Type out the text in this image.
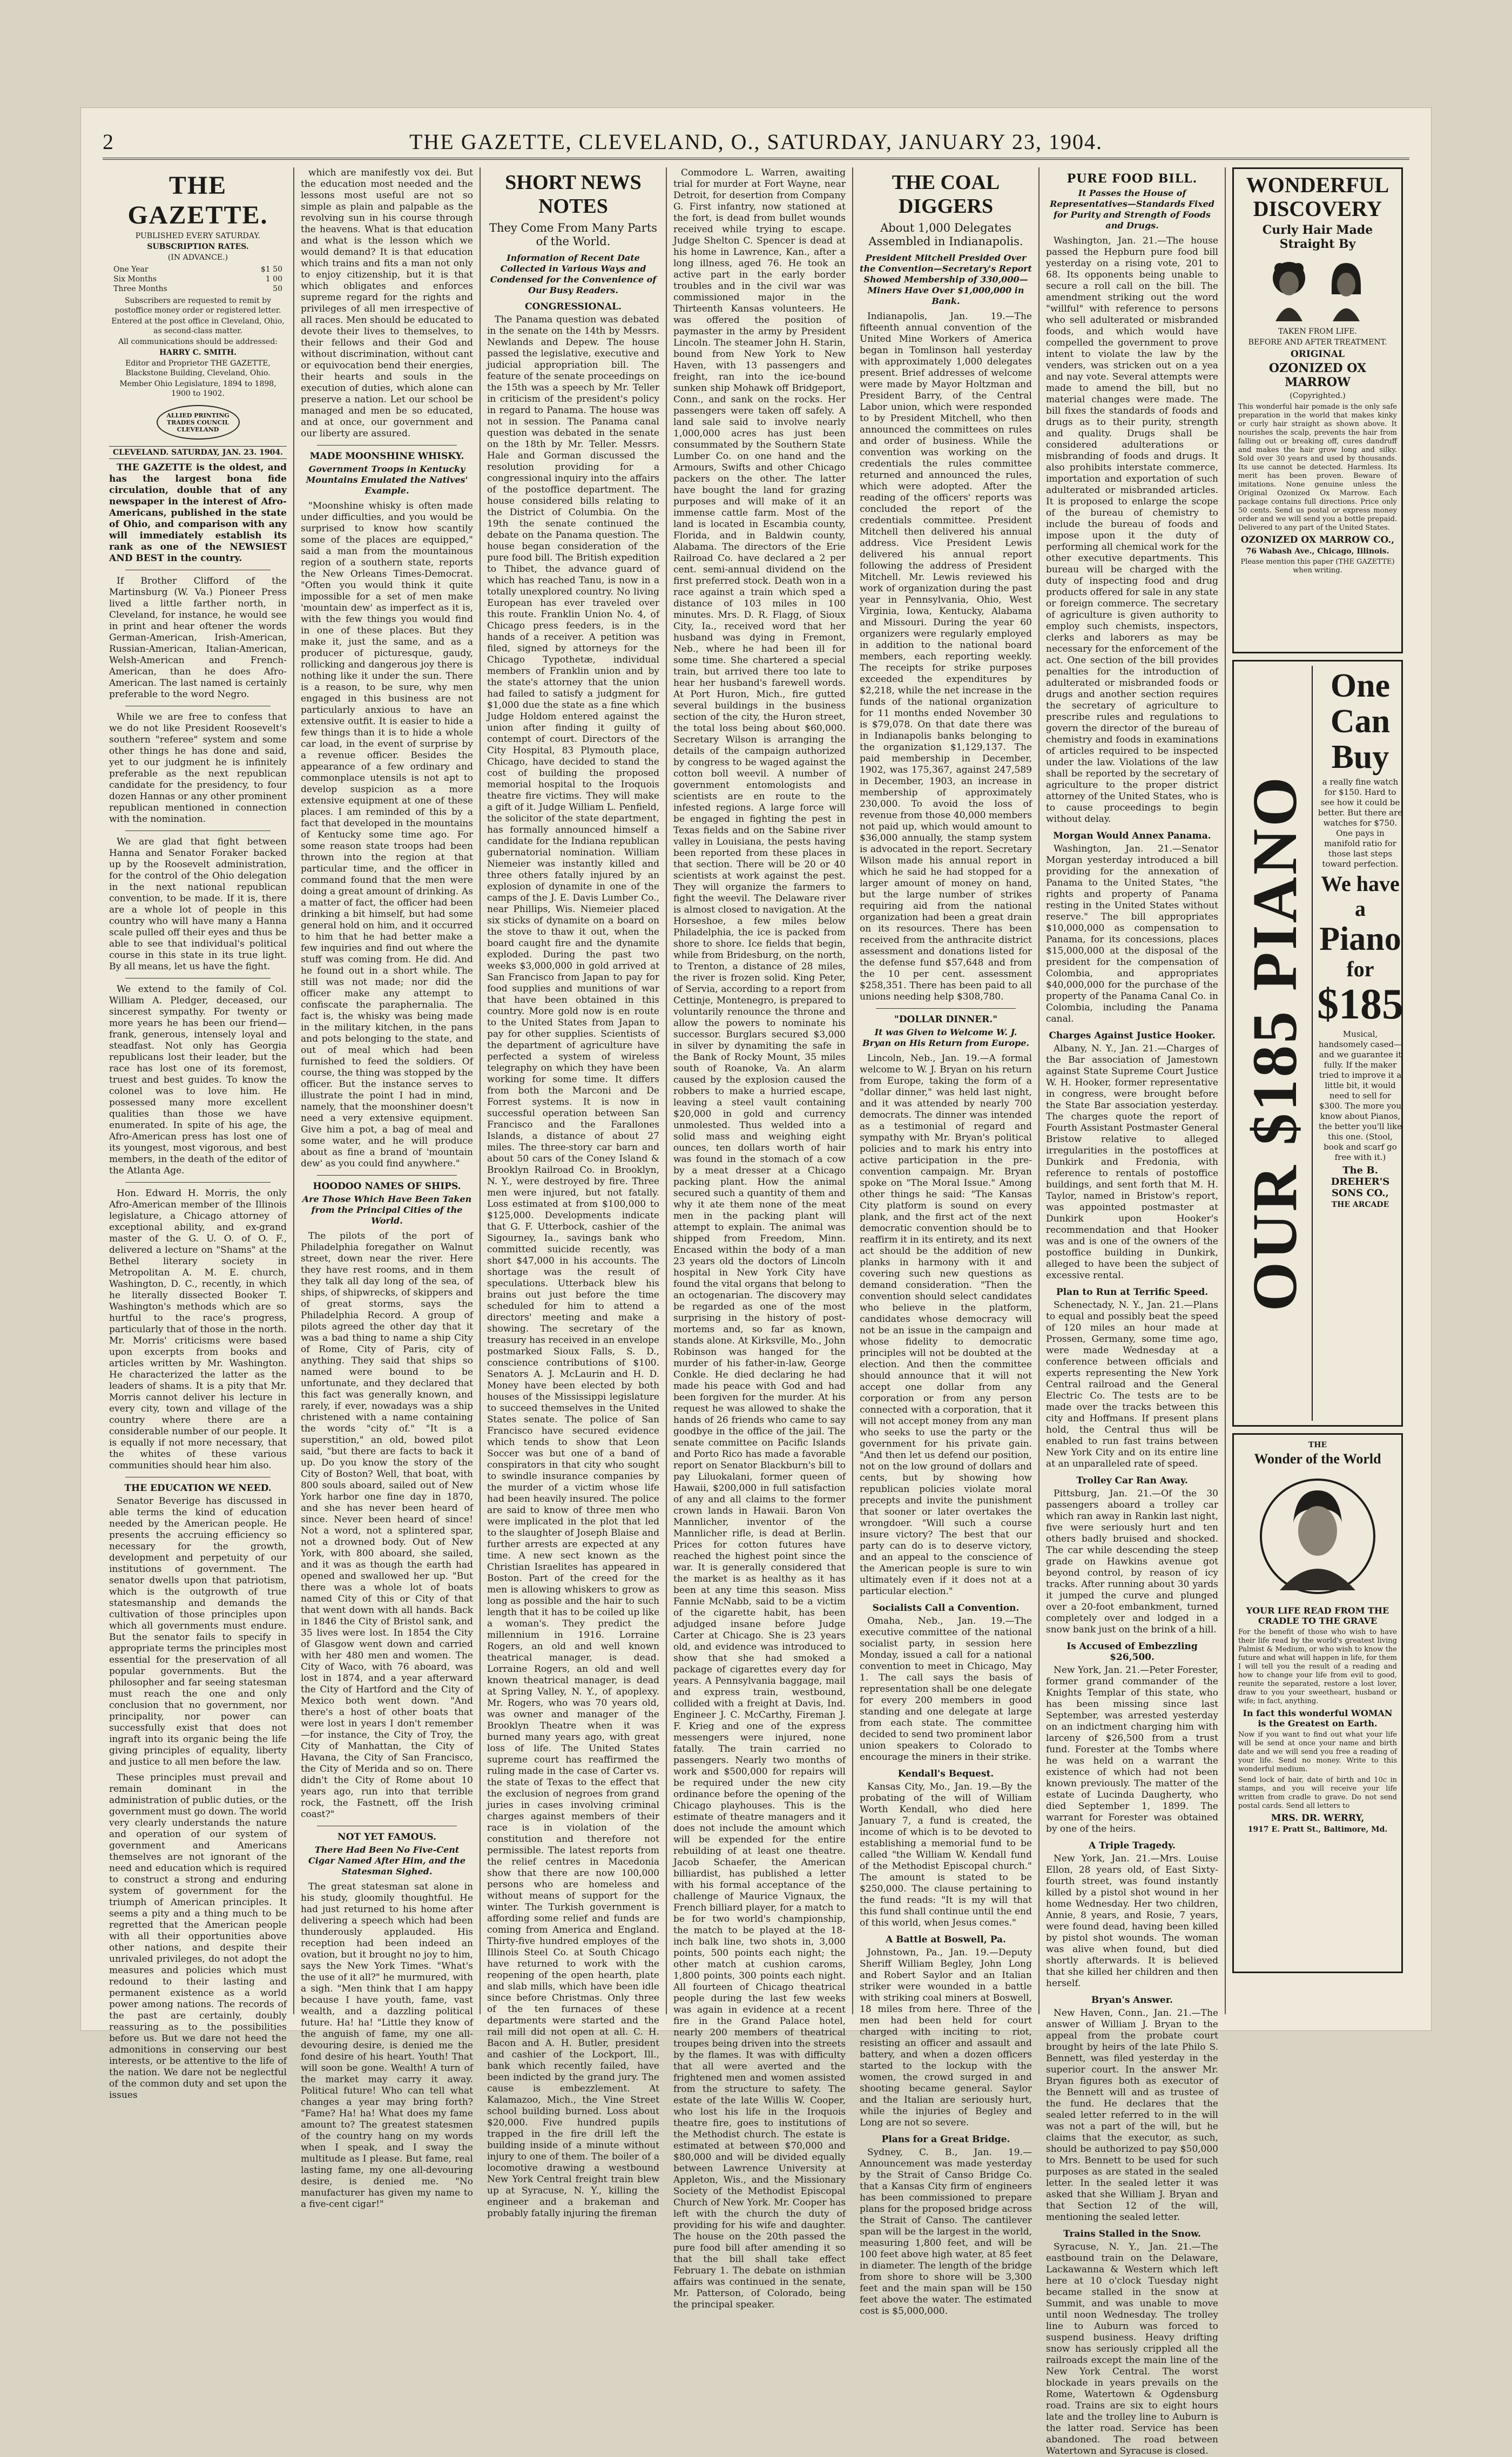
2	THE GAZETTE, CLEVELAND, O., SATURDAY, JANUARY 23, 1904.
THE GAZETTE.
PUBLISHED EVERY SATURDAY.
SUBSCRIPTION RATES.
(IN ADVANCE.)
One Year	$1 50
Six Months	1 00
Three Months	50

Subscribers are requested to remit by postoffice money order or registered letter.

Entered at the post office in Cleveland, Ohio, as second-class matter.

All communications should be addressed:

HARRY C. SMITH.

Editor and Proprietor THE GAZETTE, Blackstone Building, Cleveland, Ohio.

Member Ohio Legislature, 1894 to 1898, 1900 to 1902.

ALLIED PRINTING TRADES COUNCIL CLEVELAND
CLEVELAND. SATURDAY, JAN. 23. 1904.

THE GAZETTE is the oldest, and has the largest bona fide circulation, double that of any newspaper in the interest of Afro-Americans, published in the state of Ohio, and comparison with any will immediately establish its rank as one of the NEWSIEST AND BEST in the country.

If Brother Clifford of the Martinsburg (W. Va.) Pioneer Press lived a little farther north, in Cleveland, for instance, he would see in print and hear oftener the words German-American, Irish-American, Russian-American, Italian-American, Welsh-American and French-American, than he does Afro-American. The last named is certainly preferable to the word Negro.

While we are free to confess that we do not like President Roosevelt's southern "referee" system and some other things he has done and said, yet to our judgment he is infinitely preferable as the next republican candidate for the presidency, to four dozen Hannas or any other prominent republican mentioned in connection with the nomination.

We are glad that fight between Hanna and Senator Foraker backed up by the Roosevelt administration, for the control of the Ohio delegation in the next national republican convention, to be made. If it is, there are a whole lot of people in this country who will have many a Hanna scale pulled off their eyes and thus be able to see that individual's political course in this state in its true light. By all means, let us have the fight.

We extend to the family of Col. William A. Pledger, deceased, our sincerest sympathy. For twenty or more years he has been our friend—frank, generous, intensely loyal and steadfast. Not only has Georgia republicans lost their leader, but the race has lost one of its foremost, truest and best guides. To know the colonel was to love him. He possessed many more excellent qualities than those we have enumerated. In spite of his age, the Afro-American press has lost one of its youngest, most vigorous, and best members, in the death of the editor of the Atlanta Age.

Hon. Edward H. Morris, the only Afro-American member of the Illinois legislature, a Chicago attorney of exceptional ability, and ex-grand master of the G. U. O. of O. F., delivered a lecture on "Shams" at the Bethel literary society in Metropolitan A. M. E. church, Washington, D. C., recently, in which he literally dissected Booker T. Washington's methods which are so hurtful to the race's progress, particularly that of those in the north. Mr. Morris' criticisms were based upon excerpts from books and articles written by Mr. Washington. He characterized the latter as the leaders of shams. It is a pity that Mr. Morris cannot deliver his lecture in every city, town and village of the country where there are a considerable number of our people. It is equally if not more necessary, that the whites of these various communities should hear him also.

THE EDUCATION WE NEED.

Senator Beverige has discussed in able terms the kind of education needed by the American people. He presents the accruing efficiency so necessary for the growth, development and perpetuity of our institutions of government. The senator dwells upon that patriotism, which is the outgrowth of true statesmanship and demands the cultivation of those principles upon which all governments must endure. But the senator fails to specify in appropriate terms the principles most essential for the preservation of all popular governments. But the philosopher and far seeing statesman must reach the one and only conclusion that no government, nor principality, nor power can successfully exist that does not ingraft into its organic being the life giving principles of equality, liberty and justice to all men before the law.

These principles must prevail and remain dominant in the administration of public duties, or the government must go down. The world very clearly understands the nature and operation of our system of government and Americans themselves are not ignorant of the need and education which is required to construct a strong and enduring system of government for the triumph of American principles. It seems a pity and a thing much to be regretted that the American people with all their opportunities above other nations, and despite their unrivaled privileges, do not adopt the measures and policies which must redound to their lasting and permanent existence as a world power among nations. The records of the past are certainly, doubly reassuring as to the possibilities before us. But we dare not heed the admonitions in conserving our best interests, or be attentive to the life of the nation. We dare not be neglectful of the common duty and set upon the issues

which are manifestly vox dei. But the education most needed and the lessons most useful are not so simple as plain and palpable as the revolving sun in his course through the heavens. What is that education and what is the lesson which we would demand? It is that education which trains and fits a man not only to enjoy citizenship, but it is that which obligates and enforces supreme regard for the rights and privileges of all men irrespective of all races. Men should be educated to devote their lives to themselves, to their fellows and their God and without discrimination, without cant or equivocation bend their energies, their hearts and souls in the execution of duties, which alone can preserve a nation. Let our school be managed and men be so educated, and at once, our government and our liberty are assured.

MADE MOONSHINE WHISKY.
Government Troops in Kentucky Mountains Emulated the Natives' Example.

"Moonshine whisky is often made under difficulties, and you would be surprised to know how scantily some of the places are equipped," said a man from the mountainous region of a southern state, reports the New Orleans Times-Democrat. "Often you would think it quite impossible for a set of men make 'mountain dew' as imperfect as it is, with the few things you would find in one of these places. But they make it, just the same, and as a producer of picturesque, gaudy, rollicking and dangerous joy there is nothing like it under the sun. There is a reason, to be sure, why men engaged in this business are not particularly anxious to have an extensive outfit. It is easier to hide a few things than it is to hide a whole car load, in the event of surprise by a revenue officer. Besides the appearance of a few ordinary and commonplace utensils is not apt to develop suspicion as a more extensive equipment at one of these places. I am reminded of this by a fact that developed in the mountains of Kentucky some time ago. For some reason state troops had been thrown into the region at that particular time, and the officer in command found that the men were doing a great amount of drinking. As a matter of fact, the officer had been drinking a bit himself, but had some general hold on him, and it occurred to him that he had better make a few inquiries and find out where the stuff was coming from. He did. And he found out in a short while. The still was not made; nor did the officer make any attempt to confiscate the paraphernalia. The fact is, the whisky was being made in the military kitchen, in the pans and pots belonging to the state, and out of meal which had been furnished to feed the soldiers. Of course, the thing was stopped by the officer. But the instance serves to illustrate the point I had in mind, namely, that the moonshiner doesn't need a very extensive equipment. Give him a pot, a bag of meal and some water, and he will produce about as fine a brand of 'mountain dew' as you could find anywhere."

HOODOO NAMES OF SHIPS.
Are Those Which Have Been Taken from the Principal Cities of the World.

The pilots of the port of Philadelphia foregather on Walnut street, down near the river. Here they have rest rooms, and in them they talk all day long of the sea, of ships, of shipwrecks, of skippers and of great storms, says the Philadelphia Record. A group of pilots agreed the other day that it was a bad thing to name a ship City of Rome, City of Paris, city of anything. They said that ships so named were bound to be unfortunate, and they declared that this fact was generally known, and rarely, if ever, nowadays was a ship christened with a name containing the words "city of." "It is a superstition," an old, bowed pilot said, "but there are facts to back it up. Do you know the story of the City of Boston? Well, that boat, with 800 souls aboard, sailed out of New York harbor one fine day in 1870, and she has never been heard of since. Never been heard of since! Not a word, not a splintered spar, not a drowned body. Out of New York, with 800 aboard, she sailed, and it was as though the earth had opened and swallowed her up. "But there was a whole lot of boats named City of this or City of that that went down with all hands. Back in 1846 the City of Bristol sank, and 35 lives were lost. In 1854 the City of Glasgow went down and carried with her 480 men and women. The City of Waco, with 76 aboard, was lost in 1874, and a year afterward the City of Hartford and the City of Mexico both went down. "And there's a host of other boats that were lost in years I don't remember—for instance, the City of Troy, the City of Manhattan, the City of Havana, the City of San Francisco, the City of Merida and so on. There didn't the City of Rome about 10 years ago, run into that terrible rock, the Fastnett, off the Irish coast?"

NOT YET FAMOUS.
There Had Been No Five-Cent Cigar Named After Him, and the Statesman Sighed.

The great statesman sat alone in his study, gloomily thoughtful. He had just returned to his home after delivering a speech which had been thunderously applauded. His reception had been indeed an ovation, but it brought no joy to him, says the New York Times. "What's the use of it all?" he murmured, with a sigh. "Men think that I am happy because I have youth, fame, vast wealth, and a dazzling political future. Ha! ha! "Little they know of the anguish of fame, my one all-devouring desire, is denied me the fond desire of his heart. Youth! That will soon be gone. Wealth! A turn of the market may carry it away. Political future! Who can tell what changes a year may bring forth? "Fame? Ha! ha! What does my fame amount to? The greatest statesmen of the country hang on my words when I speak, and I sway the multitude as I please. But fame, real lasting fame, my one all-devouring desire, is denied me. "No manufacturer has given my name to a five-cent cigar!"

SHORT NEWS NOTES
They Come From Many Parts of the World.
Information of Recent Date Collected in Various Ways and Condensed for the Convenience of Our Busy Readers.
CONGRESSIONAL.

The Panama question was debated in the senate on the 14th by Messrs. Newlands and Depew. The house passed the legislative, executive and judicial appropriation bill. The feature of the senate proceedings on the 15th was a speech by Mr. Teller in criticism of the president's policy in regard to Panama. The house was not in session. The Panama canal question was debated in the senate on the 18th by Mr. Teller. Messrs. Hale and Gorman discussed the resolution providing for a congressional inquiry into the affairs of the postoffice department. The house considered bills relating to the District of Columbia. On the 19th the senate continued the debate on the Panama question. The house began consideration of the pure food bill. The British expedition to Thibet, the advance guard of which has reached Tanu, is now in a totally unexplored country. No living European has ever traveled over this route. Franklin Union No. 4, of Chicago press feeders, is in the hands of a receiver. A petition was filed, signed by attorneys for the Chicago Typothetæ, individual members of Franklin union and by the state's attorney that the union had failed to satisfy a judgment for $1,000 due the state as a fine which Judge Holdom entered against the union after finding it guilty of contempt of court. Directors of the City Hospital, 83 Plymouth place, Chicago, have decided to stand the cost of building the proposed memorial hospital to the Iroquois theatre fire victims. They will make a gift of it. Judge William L. Penfield, the solicitor of the state department, has formally announced himself a candidate for the Indiana republican gubernatorial nomination. William Niemeier was instantly killed and three others fatally injured by an explosion of dynamite in one of the camps of the J. E. Davis Lumber Co., near Phillips, Wis. Niemeier placed six sticks of dynamite on a board on the stove to thaw it out, when the board caught fire and the dynamite exploded. During the past two weeks $3,000,000 in gold arrived at San Francisco from Japan to pay for food supplies and munitions of war that have been obtained in this country. More gold now is en route to the United States from Japan to pay for other supplies. Scientists of the department of agriculture have perfected a system of wireless telegraphy on which they have been working for some time. It differs from both the Marconi and De Forrest systems. It is now in successful operation between San Francisco and the Farallones Islands, a distance of about 27 miles. The three-story car barn and about 50 cars of the Coney Island & Brooklyn Railroad Co. in Brooklyn, N. Y., were destroyed by fire. Three men were injured, but not fatally. Loss estimated at from $100,000 to $125,000. Developments indicate that G. F. Utterbock, cashier of the Sigourney, Ia., savings bank who committed suicide recently, was short $47,000 in his accounts. The shortage was the result of speculations. Utterback blew his brains out just before the time scheduled for him to attend a directors' meeting and make a showing. The secretary of the treasury has received in an envelope postmarked Sioux Falls, S. D., conscience contributions of $100. Senators A. J. McLaurin and H. D. Money have been elected by both houses of the Mississippi legislature to succeed themselves in the United States senate. The police of San Francisco have secured evidence which tends to show that Leon Soccer was but one of a band of conspirators in that city who sought to swindle insurance companies by the murder of a victim whose life had been heavily insured. The police are said to know of three men who were implicated in the plot that led to the slaughter of Joseph Blaise and further arrests are expected at any time. A new sect known as the Christian Israelites has appeared in Boston. Part of the creed for the men is allowing whiskers to grow as long as possible and the hair to such length that it has to be coiled up like a woman's. They predict the millennium in 1916. Lorraine Rogers, an old and well known theatrical manager, is dead. Lorraine Rogers, an old and well known theatrical manager, is dead at Spring Valley, N. Y., of apoplexy. Mr. Rogers, who was 70 years old, was owner and manager of the Brooklyn Theatre when it was burned many years ago, with great loss of life. The United States supreme court has reaffirmed the ruling made in the case of Carter vs. the state of Texas to the effect that the exclusion of negroes from grand juries in cases involving criminal charges against members of their race is in violation of the constitution and therefore not permissible. The latest reports from the relief centres in Macedonia show that there are now 100,000 persons who are homeless and without means of support for the winter. The Turkish government is affording some relief and funds are coming from America and England. Thirty-five hundred employes of the Illinois Steel Co. at South Chicago have returned to work with the reopening of the open hearth, plate and slab mills, which have been idle since before Christmas. Only three of the ten furnaces of these departments were started and the rail mill did not open at all. C. H. Bacon and A. H. Butler, president and cashier of the Lockport, Ill., bank which recently failed, have been indicted by the grand jury. The cause is embezzlement. At Kalamazoo, Mich., the Vine Street school building burned. Loss about $20,000. Five hundred pupils trapped in the fire drill left the building inside of a minute without injury to one of them. The boiler of a locomotive drawing a westbound New York Central freight train blew up at Syracuse, N. Y., killing the engineer and a brakeman and probably fatally injuring the fireman

Commodore L. Warren, awaiting trial for murder at Fort Wayne, near Detroit, for desertion from Company G. First infantry, now stationed at the fort, is dead from bullet wounds received while trying to escape. Judge Shelton C. Spencer is dead at his home in Lawrence, Kan., after a long illness, aged 76. He took an active part in the early border troubles and in the civil war was commissioned major in the Thirteenth Kansas volunteers. He was offered the position of paymaster in the army by President Lincoln. The steamer John H. Starin, bound from New York to New Haven, with 13 passengers and freight, ran into the ice-bound sunken ship Mohawk off Bridgeport, Conn., and sank on the rocks. Her passengers were taken off safely. A land sale said to involve nearly 1,000,000 acres has just been consummated by the Southern State Lumber Co. on one hand and the Armours, Swifts and other Chicago packers on the other. The latter have bought the land for grazing purposes and will make of it an immense cattle farm. Most of the land is located in Escambia county, Florida, and in Baldwin county, Alabama. The directors of the Erie Railroad Co. have declared a 2 per cent. semi-annual dividend on the first preferred stock. Death won in a race against a train which sped a distance of 103 miles in 100 minutes. Mrs. D. R. Flagg, of Sioux City, Ia., received word that her husband was dying in Fremont, Neb., where he had been ill for some time. She chartered a special train, but arrived there too late to hear her husband's farewell words. At Port Huron, Mich., fire gutted several buildings in the business section of the city, the Huron street, the total loss being about $60,000. Secretary Wilson is arranging the details of the campaign authorized by congress to be waged against the cotton boll weevil. A number of government entomologists and scientists are en route to the infested regions. A large force will be engaged in fighting the pest in Texas fields and on the Sabine river valley in Louisiana, the pests having been reported from these places in that section. There will be 20 or 40 scientists at work against the pest. They will organize the farmers to fight the weevil. The Delaware river is almost closed to navigation. At the Horseshoe, a few miles below Philadelphia, the ice is packed from shore to shore. Ice fields that begin, while from Bridesburg, on the north, to Trenton, a distance of 28 miles, the river is frozen solid. King Peter, of Servia, according to a report from Cettinje, Montenegro, is prepared to voluntarily renounce the throne and allow the powers to nominate his successor. Burglars secured $3,000 in silver by dynamiting the safe in the Bank of Rocky Mount, 35 miles south of Roanoke, Va. An alarm caused by the explosion caused the robbers to make a hurried escape, leaving a steel vault containing $20,000 in gold and currency unmolested. Thus welded into a solid mass and weighing eight ounces, ten dollars worth of hair was found in the stomach of a cow by a meat dresser at a Chicago packing plant. How the animal secured such a quantity of them and why it ate them none of the meat men in the packing plant will attempt to explain. The animal was shipped from Freedom, Minn. Encased within the body of a man 23 years old the doctors of Lincoln hospital in New York City have found the vital organs that belong to an octogenarian. The discovery may be regarded as one of the most surprising in the history of post-mortems and, so far as known, stands alone. At Kirksville, Mo., John Robinson was hanged for the murder of his father-in-law, George Conkle. He died declaring he had made his peace with God and had been forgiven for the murder. At his request he was allowed to shake the hands of 26 friends who came to say goodbye in the office of the jail. The senate committee on Pacific Islands and Porto Rico has made a favorable report on Senator Blackburn's bill to pay Liluokalani, former queen of Hawaii, $200,000 in full satisfaction of any and all claims to the former crown lands in Hawaii. Baron Von Mannlicher, inventor of the Mannlicher rifle, is dead at Berlin. Prices for cotton futures have reached the highest point since the war. It is generally considered that the market is as healthy as it has been at any time this season. Miss Fannie McNabb, said to be a victim of the cigarette habit, has been adjudged insane before Judge Carter at Chicago. She is 23 years old, and evidence was introduced to show that she had smoked a package of cigarettes every day for years. A Pennsylvania baggage, mail and express train, westbound, collided with a freight at Davis, Ind. Engineer J. C. McCarthy, Fireman J. F. Krieg and one of the express messengers were injured, none fatally. The train carried no passengers. Nearly two months of work and $500,000 for repairs will be required under the new city ordinance before the opening of the Chicago playhouses. This is the estimate of theatre managers and it does not include the amount which will be expended for the entire rebuilding of at least one theatre. Jacob Schaefer, the American billiardist, has published a letter with his formal acceptance of the challenge of Maurice Vignaux, the French billiard player, for a match to be for two world's championship, the match to be played at the 18-inch balk line, two shots in, 3,000 points, 500 points each night; the other match at cushion caroms, 1,800 points, 300 points each night. All fourteen of Chicago theatrical people during the last few weeks was again in evidence at a recent fire in the Grand Palace hotel, nearly 200 members of theatrical troupes being driven into the streets by the flames. It was with difficulty that all were averted and the frightened men and women assisted from the structure to safety. The estate of the late Willis W. Cooper, who lost his life in the Iroquois theatre fire, goes to institutions of the Methodist church. The estate is estimated at between $70,000 and $80,000 and will be divided equally between Lawrence University at Appleton, Wis., and the Missionary Society of the Methodist Episcopal Church of New York. Mr. Cooper has left with the church the duty of providing for his wife and daughter. The house on the 20th passed the pure food bill after amending it so that the bill shall take effect February 1. The debate on isthmian affairs was continued in the senate, Mr. Patterson, of Colorado, being the principal speaker.

THE COAL DIGGERS
About 1,000 Delegates Assembled in Indianapolis.
President Mitchell Presided Over the Convention—Secretary's Report Showed Membership of 330,000—Miners Have Over $1,000,000 in Bank.

Indianapolis, Jan. 19.—The fifteenth annual convention of the United Mine Workers of America began in Tomlinson hall yesterday with approximately 1,000 delegates present. Brief addresses of welcome were made by Mayor Holtzman and President Barry, of the Central Labor union, which were responded to by President Mitchell, who then announced the committees on rules and order of business. While the convention was working on the credentials the rules committee returned and announced the rules, which were adopted. After the reading of the officers' reports was concluded the report of the credentials committee. President Mitchell then delivered his annual address. Vice President Lewis delivered his annual report following the address of President Mitchell. Mr. Lewis reviewed his work of organization during the past year in Pennsylvania, Ohio, West Virginia, Iowa, Kentucky, Alabama and Missouri. During the year 60 organizers were regularly employed in addition to the national board members, each reporting weekly. The receipts for strike purposes exceeded the expenditures by $2,218, while the net increase in the funds of the national organization for 11 months ended November 30 is $79,078. On that date there was in Indianapolis banks belonging to the organization $1,129,137. The paid membership in December, 1902, was 175,367, against 247,589 in December, 1903, an increase in membership of approximately 230,000. To avoid the loss of revenue from those 40,000 members not paid up, which would amount to $36,000 annually, the stamp system is advocated in the report. Secretary Wilson made his annual report in which he said he had stopped for a larger amount of money on hand, but the large number of strikes requiring aid from the national organization had been a great drain on its resources. There has been received from the anthracite district assessment and donations listed for the defense fund $57,648 and from the 10 per cent. assessment $258,351. There has been paid to all unions needing help $308,780.

"DOLLAR DINNER."
It was Given to Welcome W. J. Bryan on His Return from Europe.

Lincoln, Neb., Jan. 19.—A formal welcome to W. J. Bryan on his return from Europe, taking the form of a "dollar dinner," was held last night, and it was attended by nearly 700 democrats. The dinner was intended as a testimonial of regard and sympathy with Mr. Bryan's political policies and to mark his entry into active participation in the pre-convention campaign. Mr. Bryan spoke on "The Moral Issue." Among other things he said: "The Kansas City platform is sound on every plank, and the first act of the next democratic convention should be to reaffirm it in its entirety, and its next act should be the addition of new planks in harmony with it and covering such new questions as demand consideration. "Then the convention should select candidates who believe in the platform, candidates whose democracy will not be an issue in the campaign and whose fidelity to democratic principles will not be doubted at the election. And then the committee should announce that it will not accept one dollar from any corporation or from any person connected with a corporation, that it will not accept money from any man who seeks to use the party or the government for his private gain. "And then let us defend our position, not on the low ground of dollars and cents, but by showing how republican policies violate moral precepts and invite the punishment that sooner or later overtakes the wrongdoer. "Will such a course insure victory? The best that our party can do is to deserve victory, and an appeal to the conscience of the American people is sure to win ultimately even if it does not at a particular election."

Socialists Call a Convention.

Omaha, Neb., Jan. 19.—The executive committee of the national socialist party, in session here Monday, issued a call for a national convention to meet in Chicago, May 1. The call says the basis of representation shall be one delegate for every 200 members in good standing and one delegate at large from each state. The committee decided to send two prominent labor union speakers to Colorado to encourage the miners in their strike.

Kendall's Bequest.

Kansas City, Mo., Jan. 19.—By the probating of the will of William Worth Kendall, who died here January 7, a fund is created, the income of which is to be devoted to establishing a memorial fund to be called "the William W. Kendall fund of the Methodist Episcopal church." The amount is stated to be $250,000. The clause pertaining to the fund reads: "It is my will that this fund shall continue until the end of this world, when Jesus comes."

A Battle at Boswell, Pa.

Johnstown, Pa., Jan. 19.—Deputy Sheriff William Begley, John Long and Robert Saylor and an Italian striker were wounded in a battle with striking coal miners at Boswell, 18 miles from here. Three of the men had been held for court charged with inciting to riot, resisting an officer and assault and battery, and when a dozen officers started to the lockup with the women, the crowd surged in and shooting became general. Saylor and the Italian are seriously hurt, while the injuries of Begley and Long are not so severe.

Plans for a Great Bridge.

Sydney, C. B., Jan. 19.—Announcement was made yesterday by the Strait of Canso Bridge Co. that a Kansas City firm of engineers has been commissioned to prepare plans for the proposed bridge across the Strait of Canso. The cantilever span will be the largest in the world, measuring 1,800 feet, and will be 100 feet above high water, at 85 feet in diameter. The length of the bridge from shore to shore will be 3,300 feet and the main span will be 150 feet above the water. The estimated cost is $5,000,000.

PURE FOOD BILL.
It Passes the House of Representatives—Standards Fixed for Purity and Strength of Foods and Drugs.

Washington, Jan. 21.—The house passed the Hepburn pure food bill yesterday on a rising vote, 201 to 68. Its opponents being unable to secure a roll call on the bill. The amendment striking out the word "willful" with reference to persons who sell adulterated or misbranded foods, and which would have compelled the government to prove intent to violate the law by the venders, was stricken out on a yea and nay vote. Several attempts were made to amend the bill, but no material changes were made. The bill fixes the standards of foods and drugs as to their purity, strength and quality. Drugs shall be considered adulterations or misbranding of foods and drugs. It also prohibits interstate commerce, importation and exportation of such adulterated or misbranded articles. It is proposed to enlarge the scope of the bureau of chemistry to include the bureau of foods and impose upon it the duty of performing all chemical work for the other executive departments. This bureau will be charged with the duty of inspecting food and drug products offered for sale in any state or foreign commerce. The secretary of agriculture is given authority to employ such chemists, inspectors, clerks and laborers as may be necessary for the enforcement of the act. One section of the bill provides penalties for the introduction of adulterated or misbranded foods or drugs and another section requires the secretary of agriculture to prescribe rules and regulations to govern the director of the bureau of chemistry and foods in examinations of articles required to be inspected under the law. Violations of the law shall be reported by the secretary of agriculture to the proper district attorney of the United States, who is to cause proceedings to begin without delay.

Morgan Would Annex Panama.

Washington, Jan. 21.—Senator Morgan yesterday introduced a bill providing for the annexation of Panama to the United States, "the rights and property of Panama resting in the United States without reserve." The bill appropriates $10,000,000 as compensation to Panama, for its concessions, places $15,000,000 at the disposal of the president for the compensation of Colombia, and appropriates $40,000,000 for the purchase of the property of the Panama Canal Co. in Colombia, including the Panama canal.

Charges Against Justice Hooker.

Albany, N. Y., Jan. 21.—Charges of the Bar association of Jamestown against State Supreme Court Justice W. H. Hooker, former representative in congress, were brought before the State Bar association yesterday. The charges quote the report of Fourth Assistant Postmaster General Bristow relative to alleged irregularities in the postoffices at Dunkirk and Fredonia, with reference to rentals of postoffice buildings, and sent forth that M. H. Taylor, named in Bristow's report, was appointed postmaster at Dunkirk upon Hooker's recommendation and that Hooker was and is one of the owners of the postoffice building in Dunkirk, alleged to have been the subject of excessive rental.

Plan to Run at Terrific Speed.

Schenectady, N. Y., Jan. 21.—Plans to equal and possibly beat the speed of 120 miles an hour made at Prossen, Germany, some time ago, were made Wednesday at a conference between officials and experts representing the New York Central railroad and the General Electric Co. The tests are to be made over the tracks between this city and Hoffmans. If present plans hold, the Central thus will be enabled to run fast trains between New York City and on its entire line at an unparalleled rate of speed.

Trolley Car Ran Away.

Pittsburg, Jan. 21.—Of the 30 passengers aboard a trolley car which ran away in Rankin last night, five were seriously hurt and ten others badly bruised and shocked. The car while descending the steep grade on Hawkins avenue got beyond control, by reason of icy tracks. After running about 30 yards it jumped the curve and plunged over a 20-foot embankment, turned completely over and lodged in a snow bank just on the brink of a hill.

Is Accused of Embezzling $26,500.

New York, Jan. 21.—Peter Forester, former grand commander of the Knights Templar of this state, who has been missing since last September, was arrested yesterday on an indictment charging him with larceny of $26,500 from a trust fund. Forester at the Tombs where he was held on a warrant the existence of which had not been known previously. The matter of the estate of Lucinda Daugherty, who died September 1, 1899. The warrant for Forester was obtained by one of the heirs.

A Triple Tragedy.

New York, Jan. 21.—Mrs. Louise Ellon, 28 years old, of East Sixty-fourth street, was found instantly killed by a pistol shot wound in her home Wednesday. Her two children, Annie, 8 years, and Rosie, 7 years, were found dead, having been killed by pistol shot wounds. The woman was alive when found, but died shortly afterwards. It is believed that she killed her children and then herself.

Bryan's Answer.

New Haven, Conn., Jan. 21.—The answer of William J. Bryan to the appeal from the probate court brought by heirs of the late Philo S. Bennett, was filed yesterday in the superior court. In the answer Mr. Bryan figures both as executor of the Bennett will and as trustee of the fund. He declares that the sealed letter referred to in the will was not a part of the will, but he claims that the executor, as such, should be authorized to pay $50,000 to Mrs. Bennett to be used for such purposes as are stated in the sealed letter. In the sealed letter it was asked that she William J. Bryan and that Section 12 of the will, mentioning the sealed letter.

Trains Stalled in the Snow.

Syracuse, N. Y., Jan. 21.—The eastbound train on the Delaware, Lackawanna & Western which left here at 10 o'clock Tuesday night became stalled in the snow at Summit, and was unable to move until noon Wednesday. The trolley line to Auburn was forced to suspend business. Heavy drifting snow has seriously crippled all the railroads except the main line of the New York Central. The worst blockade in years prevails on the Rome, Watertown & Ogdensburg road. Trains are six to eight hours late and the trolley line to Auburn is the latter road. Service has been abandoned. The road between Watertown and Syracuse is closed.

WONDERFUL
DISCOVERY
Curly Hair Made Straight By
TAKEN FROM LIFE.
BEFORE AND AFTER TREATMENT.
ORIGINAL
OZONIZED OX MARROW
(Copyrighted.)

This wonderful hair pomade is the only safe preparation in the world that makes kinky or curly hair straight as shown above. It nourishes the scalp, prevents the hair from falling out or breaking off, cures dandruff and makes the hair grow long and silky. Sold over 30 years and used by thousands. Its use cannot be detected. Harmless. Its merit has been proven. Beware of imitations. None genuine unless the Original Ozonized Ox Marrow. Each package contains full directions. Price only 50 cents. Send us postal or express money order and we will send you a bottle prepaid. Delivered to any part of the United States.

OZONIZED OX MARROW CO.,
76 Wabash Ave., Chicago, Illinois.

Please mention this paper (THE GAZETTE) when writing.

OUR $185 PIANO
One
Can
Buy

a really fine watch for $150. Hard to see how it could be better. But there are watches for $750. One pays in manifold ratio for those last steps toward perfection.

We have a
Piano
for
$185

Musical, handsomely cased—and we guarantee it fully. If the maker tried to improve it a little bit, it would need to sell for $300. The more you know about Pianos, the better you'll like this one. (Stool, book and scarf go free with it.)

The B. DREHER'S SONS CO.,
THE ARCADE
THE
Wonder of the World
YOUR LIFE READ FROM THE CRADLE TO THE GRAVE

For the benefit of those who wish to have their life read by the world's greatest living Palmist & Medium, or who wish to know the future and what will happen in life, for them I will tell you the result of a reading and how to change your life from evil to good, reunite the separated, restore a lost lover, draw to you your sweetheart, husband or wife; in fact, anything.

In fact this wonderful WOMAN is the Greatest on Earth.

Now if you want to find out what your life will be send at once your name and birth date and we will send you free a reading of your life. Send no money. Write to this wonderful medium.

Send lock of hair, date of birth and 10c in stamps, and you will receive your life written from cradle to grave. Do not send postal cards. Send all letters to

MRS. DR. WERRY,
1917 E. Pratt St., Baltimore, Md.
